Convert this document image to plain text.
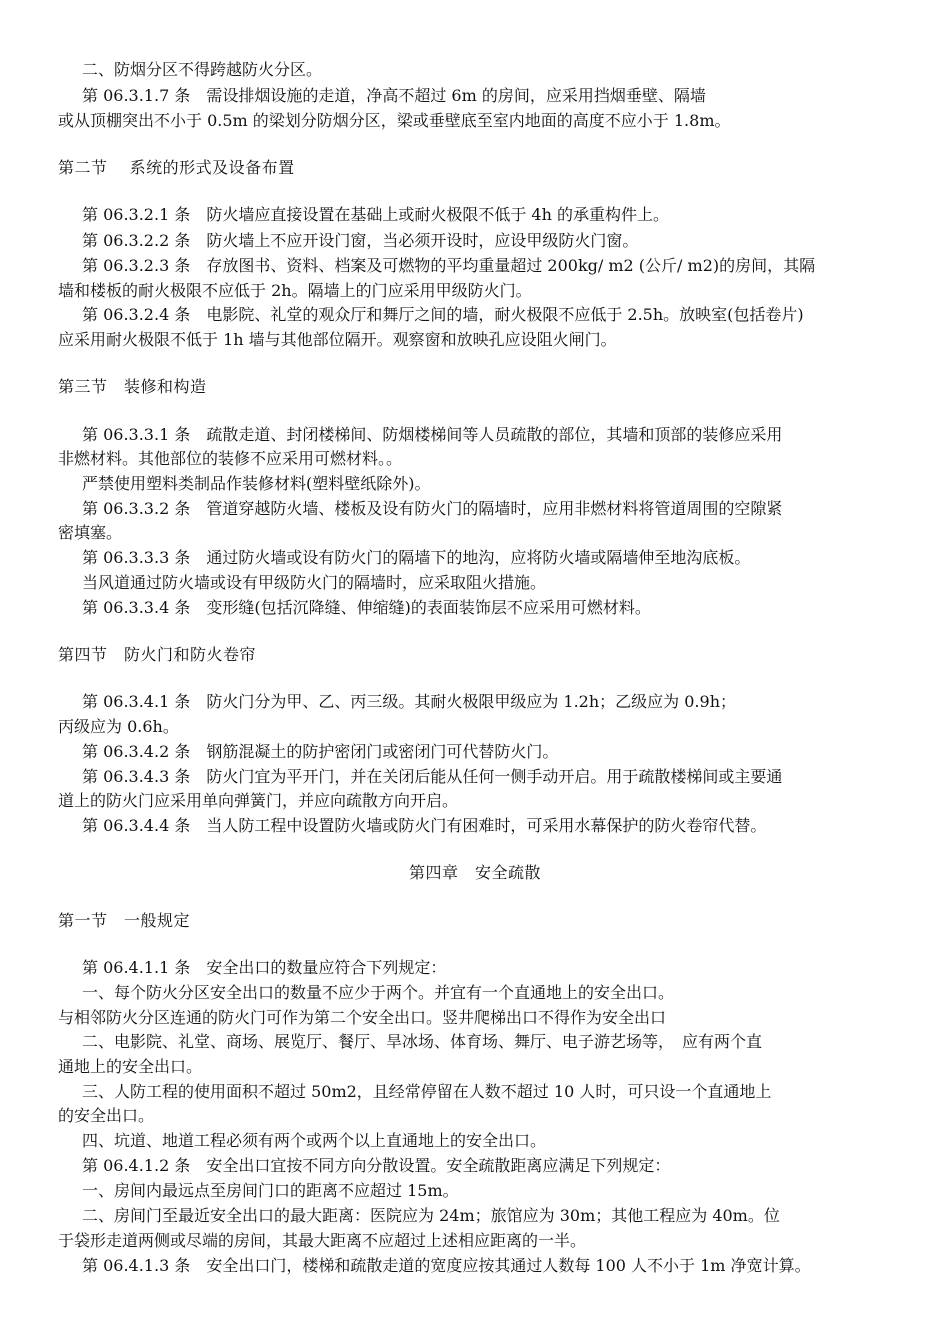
二、防烟分区不得跨越防火分区。
第 06.3.1.7 条　需设排烟设施的走道，净高不超过 6m 的房间，应采用挡烟垂壁、隔墙
或从顶棚突出不小于 0.5m 的梁划分防烟分区，梁或垂壁底至室内地面的高度不应小于 1.8m。
第二节　 系统的形式及设备布置
第 06.3.2.1 条　防火墙应直接设置在基础上或耐火极限不低于 4h 的承重构件上。
第 06.3.2.2 条　防火墙上不应开设门窗，当必须开设时，应设甲级防火门窗。
第 06.3.2.3 条　存放图书、资料、档案及可燃物的平均重量超过 200kg/ m2 (公斤/ m2)的房间，其隔
墙和楼板的耐火极限不应低于 2h。隔墙上的门应采用甲级防火门。
第 06.3.2.4 条　电影院、礼堂的观众厅和舞厅之间的墙，耐火极限不应低于 2.5h。放映室(包括卷片)
应采用耐火极限不低于 1h 墙与其他部位隔开。观察窗和放映孔应设阻火闸门。
第三节　装修和构造
第 06.3.3.1 条　疏散走道、封闭楼梯间、防烟楼梯间等人员疏散的部位，其墙和顶部的装修应采用
非燃材料。其他部位的装修不应采用可燃材料。。
严禁使用塑料类制品作装修材料(塑料壁纸除外)。
第 06.3.3.2 条　管道穿越防火墙、楼板及设有防火门的隔墙时，应用非燃材料将管道周围的空隙紧
密填塞。
第 06.3.3.3 条　通过防火墙或设有防火门的隔墙下的地沟，应将防火墙或隔墙伸至地沟底板。
当风道通过防火墙或设有甲级防火门的隔墙时，应采取阻火措施。
第 06.3.3.4 条　变形缝(包括沉降缝、伸缩缝)的表面装饰层不应采用可燃材料。
第四节　防火门和防火卷帘
第 06.3.4.1 条　防火门分为甲、乙、丙三级。其耐火极限甲级应为 1.2h；乙级应为 0.9h；
丙级应为 0.6h。
第 06.3.4.2 条　钢筋混凝土的防护密闭门或密闭门可代替防火门。
第 06.3.4.3 条　防火门宜为平开门，并在关闭后能从任何一侧手动开启。用于疏散楼梯间或主要通
道上的防火门应采用单向弹簧门，并应向疏散方向开启。
第 06.3.4.4 条　当人防工程中设置防火墙或防火门有困难时，可采用水幕保护的防火卷帘代替。
第四章　安全疏散
第一节　一般规定
第 06.4.1.1 条　安全出口的数量应符合下列规定：
一、每个防火分区安全出口的数量不应少于两个。并宜有一个直通地上的安全出口。
与相邻防火分区连通的防火门可作为第二个安全出口。竖井爬梯出口不得作为安全出口
二、电影院、礼堂、商场、展览厅、餐厅、旱冰场、体育场、舞厅、电子游艺场等，　应有两个直
通地上的安全出口。
三、人防工程的使用面积不超过 50m2，且经常停留在人数不超过 10 人时，可只设一个直通地上
的安全出口。
四、坑道、地道工程必须有两个或两个以上直通地上的安全出口。
第 06.4.1.2 条　安全出口宜按不同方向分散设置。安全疏散距离应满足下列规定：
一、房间内最远点至房间门口的距离不应超过 15m。
二、房间门至最近安全出口的最大距离：医院应为 24m；旅馆应为 30m；其他工程应为 40m。位
于袋形走道两侧或尽端的房间，其最大距离不应超过上述相应距离的一半。
第 06.4.1.3 条　安全出口门，楼梯和疏散走道的宽度应按其通过人数每 100 人不小于 1m 净宽计算。
